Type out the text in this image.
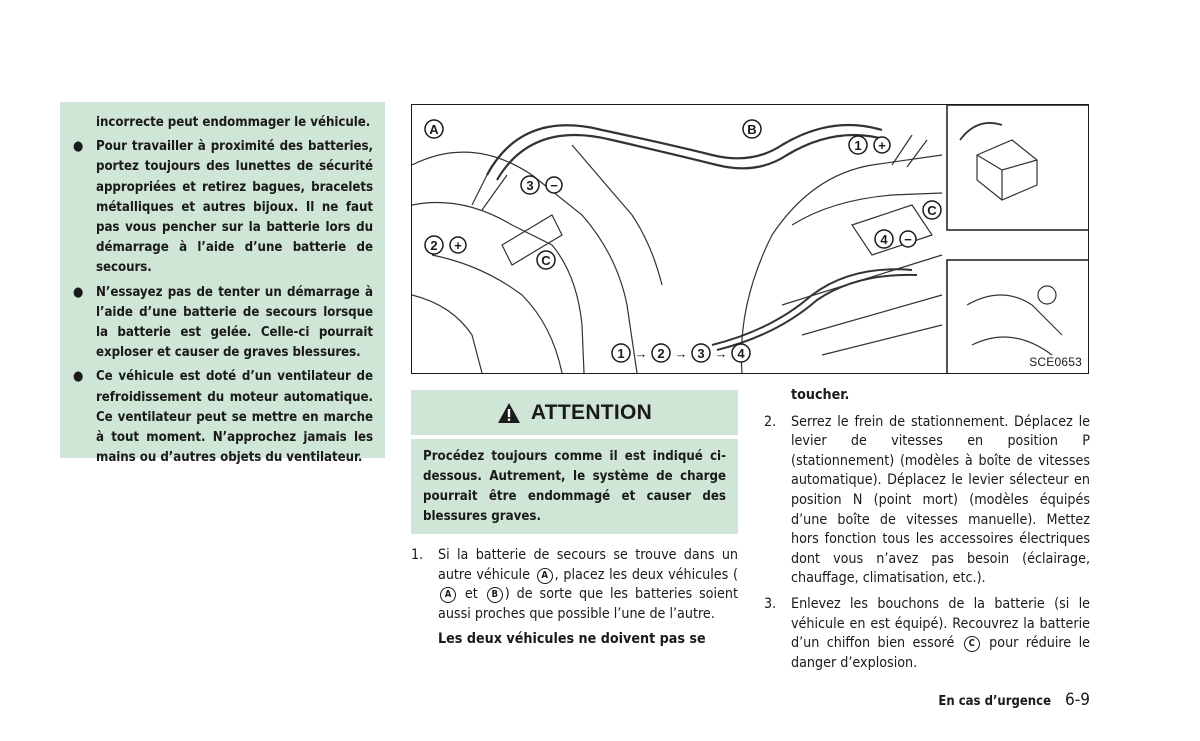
incorrecte peut endommager le véhicule.

● Pour travailler à proximité des batteries, portez toujours des lunettes de sécurité appropriées et retirez bagues, bracelets métalliques et autres bijoux. Il ne faut pas vous pencher sur la batterie lors du démarrage à l’aide d’une batterie de secours.
● N’essayez pas de tenter un démarrage à l’aide d’une batterie de secours lorsque la batterie est gelée. Celle-ci pourrait exploser et causer de graves blessures.
● Ce véhicule est doté d’un ventilateur de refroidissement du moteur automatique. Ce ventilateur peut se mettre en marche à tout moment. N’approchez jamais les mains ou d’autres objets du ventilateur.
A	B
C
C
3 −
2 +
1 +
4 −
1 → 2 → 3 → 4
SCE0653
ATTENTION
Procédez toujours comme il est indiqué ci-dessous. Autrement, le système de charge pourrait être endommagé et causer des blessures graves.

1. Si la batterie de secours se trouve dans un autre véhicule A , placez les deux véhicules (A et B ) de sorte que les batteries soient aussi proches que possible l’une de l’autre.

Les deux véhicules ne doivent pas se

toucher.

2. Serrez le frein de stationnement. Déplacez le levier de vitesses en position P (stationnement) (modèles à boîte de vitesses automatique). Déplacez le levier sélecteur en position N (point mort) (modèles équipés d’une boîte de vitesses manuelle). Mettez hors fonction tous les accessoires électriques dont vous n’avez pas besoin (éclairage, chauffage, climatisation, etc.).

3. Enlevez les bouchons de la batterie (si le véhicule en est équipé). Recouvrez la batterie d’un chiffon bien essoré C pour réduire le danger d’explosion.

En cas d’urgence 6-9
